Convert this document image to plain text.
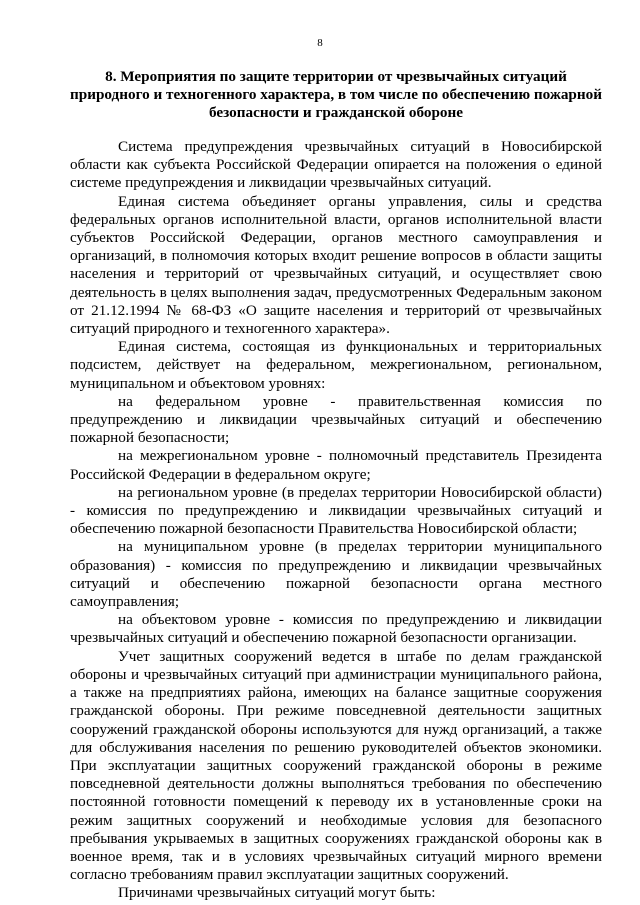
8
8. Мероприятия по защите территории от чрезвычайных ситуаций природного и техногенного характера, в том числе по обеспечению пожарной безопасности и гражданской обороне

Система предупреждения чрезвычайных ситуаций в Новосибирской области как субъекта Российской Федерации опирается на положения о единой системе предупреждения и ликвидации чрезвычайных ситуаций.

Единая система объединяет органы управления, силы и средства федеральных органов исполнительной власти, органов исполнительной власти субъектов Российской Федерации, органов местного самоуправления и организаций, в полномочия которых входит решение вопросов в области защиты населения и территорий от чрезвычайных ситуаций, и осуществляет свою деятельность в целях выполнения задач, предусмотренных Федеральным законом от 21.12.1994 № 68-ФЗ «О защите населения и территорий от чрезвычайных ситуаций природного и техногенного характера».

Единая система, состоящая из функциональных и территориальных подсистем, действует на федеральном, межрегиональном, региональном, муниципальном и объектовом уровнях:

на федеральном уровне - правительственная комиссия по предупреждению и ликвидации чрезвычайных ситуаций и обеспечению пожарной безопасности;

на межрегиональном уровне - полномочный представитель Президента Российской Федерации в федеральном округе;

на региональном уровне (в пределах территории Новосибирской области) - комиссия по предупреждению и ликвидации чрезвычайных ситуаций и обеспечению пожарной безопасности Правительства Новосибирской области;

на муниципальном уровне (в пределах территории муниципального образования) - комиссия по предупреждению и ликвидации чрезвычайных ситуаций и обеспечению пожарной безопасности органа местного самоуправления;

на объектовом уровне - комиссия по предупреждению и ликвидации чрезвычайных ситуаций и обеспечению пожарной безопасности организации.

Учет защитных сооружений ведется в штабе по делам гражданской обороны и чрезвычайных ситуаций при администрации муниципального района, а также на предприятиях района, имеющих на балансе защитные сооружения гражданской обороны. При режиме повседневной деятельности защитных сооружений гражданской обороны используются для нужд организаций, а также для обслуживания населения по решению руководителей объектов экономики. При эксплуатации защитных сооружений гражданской обороны в режиме повседневной деятельности должны выполняться требования по обеспечению постоянной готовности помещений к переводу их в установленные сроки на режим защитных сооружений и необходимые условия для безопасного пребывания укрываемых в защитных сооружениях гражданской обороны как в военное время, так и в условиях чрезвычайных ситуаций мирного времени согласно требованиям правил эксплуатации защитных сооружений.

Причинами чрезвычайных ситуаций могут быть:
